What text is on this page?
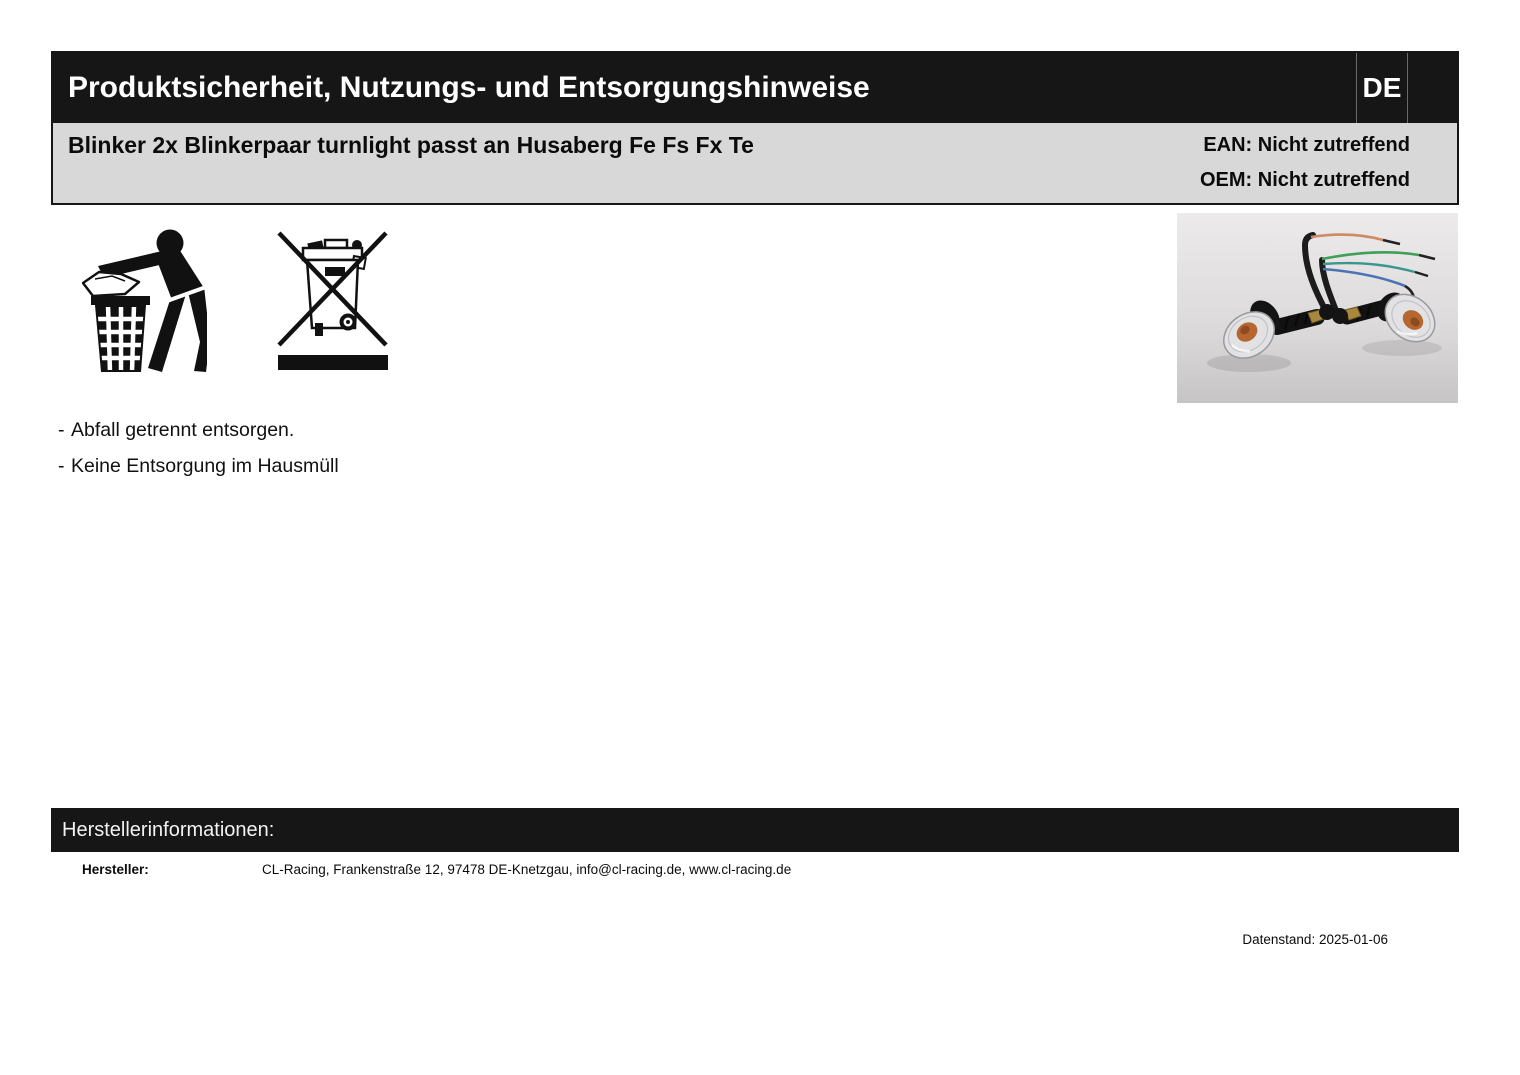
Produktsicherheit, Nutzungs- und Entsorgungshinweise	DE
Blinker 2x Blinkerpaar turnlight passt an Husaberg Fe Fs Fx Te	EAN: Nicht zutreffend
OEM: Nicht zutreffend
- Abfall getrennt entsorgen.
- Keine Entsorgung im Hausmüll
Herstellerinformationen:
Hersteller:	CL-Racing, Frankenstraße 12, 97478 DE-Knetzgau, info@cl-racing.de, www.cl-racing.de
Datenstand: 2025-01-06
